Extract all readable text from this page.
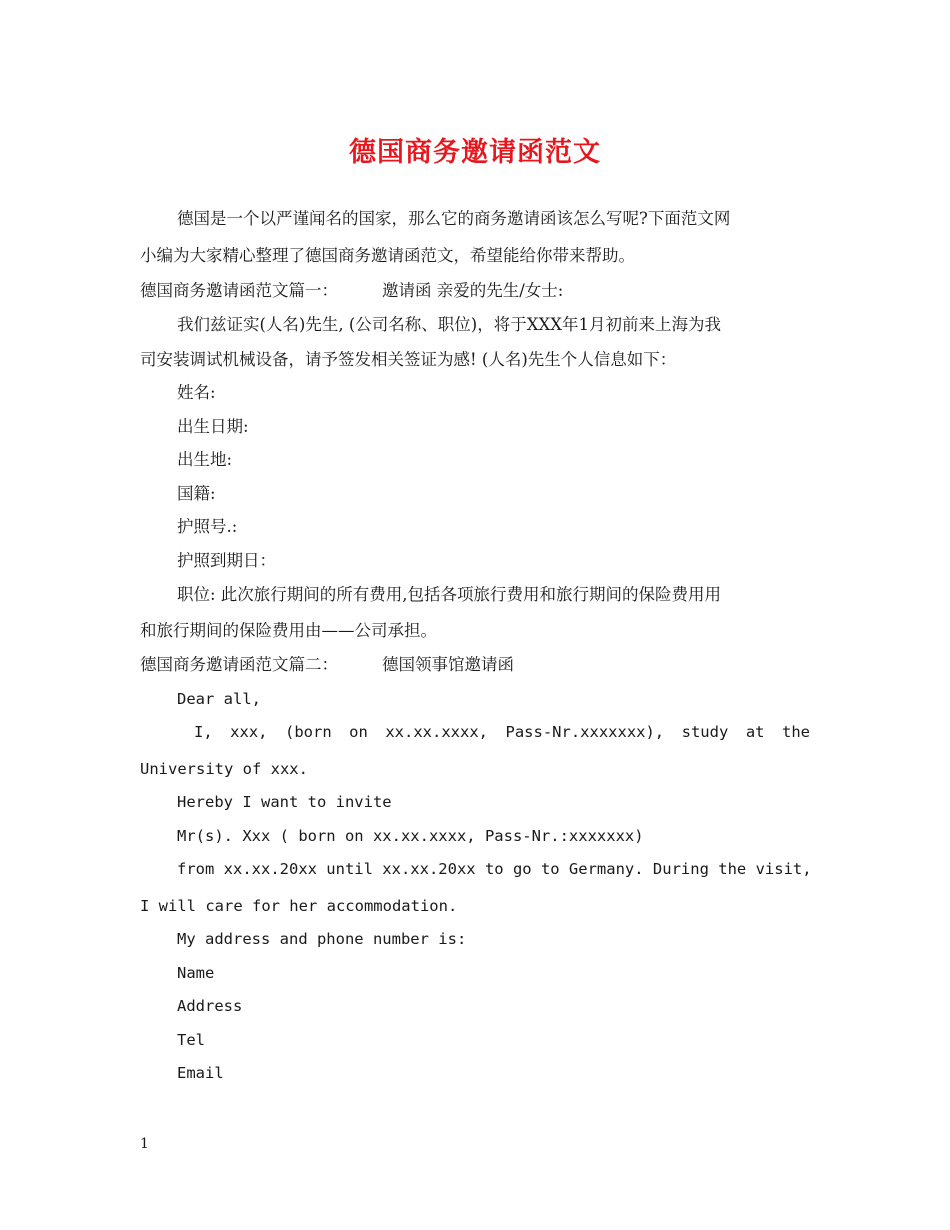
德国商务邀请函范文
德国是一个以严谨闻名的国家，那么它的商务邀请函该怎么写呢?下面范文网
小编为大家精心整理了德国商务邀请函范文，希望能给你带来帮助。
德国商务邀请函范文篇一：	邀请函 亲爱的先生/女士:
我们兹证实(人名)先生, (公司名称、职位)，将于XXX年1月初前来上海为我
司安装调试机械设备，请予签发相关签证为感! (人名)先生个人信息如下：
姓名:
出生日期:
出生地:
国籍:
护照号.:
护照到期日：
职位: 此次旅行期间的所有费用,包括各项旅行费用和旅行期间的保险费用用
和旅行期间的保险费用由——公司承担。
德国商务邀请函范文篇二：	德国领事馆邀请函
Dear all,
I, xxx, (born on xx.xx.xxxx, Pass-Nr.xxxxxxx), study at the
University of xxx.
Hereby I want to invite
Mr(s). Xxx ( born on xx.xx.xxxx, Pass-Nr.:xxxxxxx)
from xx.xx.20xx until xx.xx.20xx to go to Germany. During the visit,
I will care for her accommodation.
My address and phone number is:
Name
Address
Tel
Email
1
